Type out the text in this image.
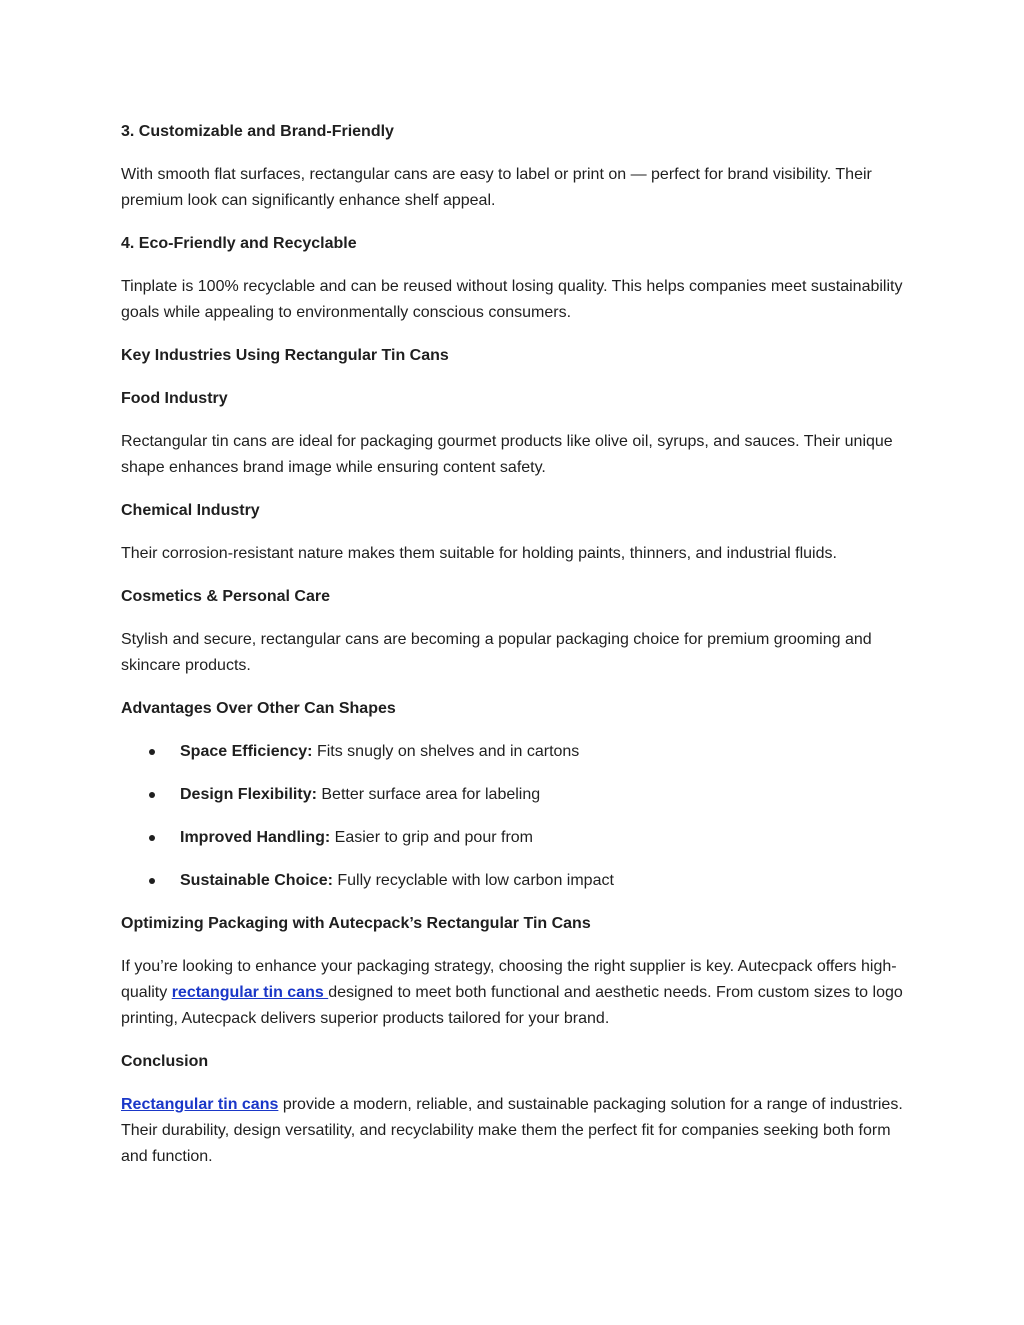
3. Customizable and Brand-Friendly

With smooth flat surfaces, rectangular cans are easy to label or print on — perfect for brand visibility. Their premium look can significantly enhance shelf appeal.

4. Eco-Friendly and Recyclable

Tinplate is 100% recyclable and can be reused without losing quality. This helps companies meet sustainability goals while appealing to environmentally conscious consumers.

Key Industries Using Rectangular Tin Cans

Food Industry

Rectangular tin cans are ideal for packaging gourmet products like olive oil, syrups, and sauces. Their unique shape enhances brand image while ensuring content safety.

Chemical Industry

Their corrosion-resistant nature makes them suitable for holding paints, thinners, and industrial fluids.

Cosmetics & Personal Care

Stylish and secure, rectangular cans are becoming a popular packaging choice for premium grooming and skincare products.

Advantages Over Other Can Shapes

Space Efficiency: Fits snugly on shelves and in cartons
Design Flexibility: Better surface area for labeling
Improved Handling: Easier to grip and pour from
Sustainable Choice: Fully recyclable with low carbon impact

Optimizing Packaging with Autecpack’s Rectangular Tin Cans

If you’re looking to enhance your packaging strategy, choosing the right supplier is key. Autecpack offers high-quality rectangular tin cans designed to meet both functional and aesthetic needs. From custom sizes to logo printing, Autecpack delivers superior products tailored for your brand.

Conclusion

Rectangular tin cans provide a modern, reliable, and sustainable packaging solution for a range of industries. Their durability, design versatility, and recyclability make them the perfect fit for companies seeking both form and function.
